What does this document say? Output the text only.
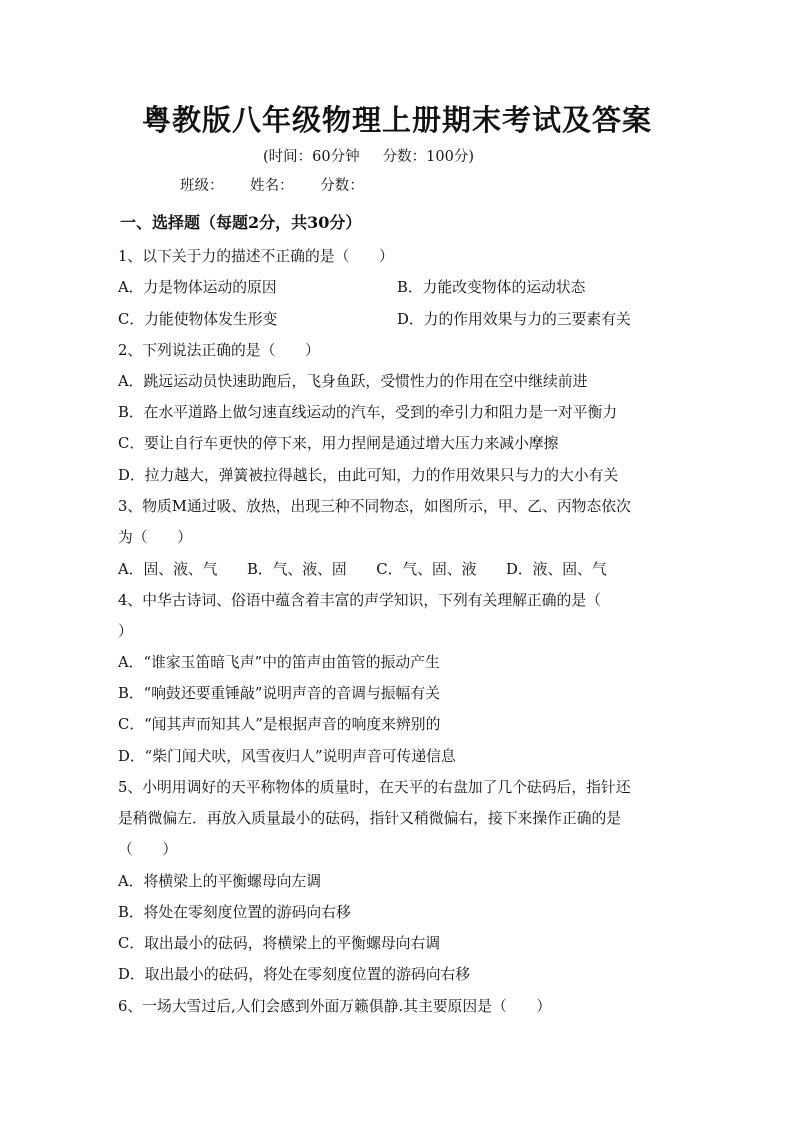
粤教版八年级物理上册期末考试及答案
(时间：60分钟 分数：100分)
班级： 姓名： 分数：
一、选择题（每题2分，共30分）
1、以下关于力的描述不正确的是（　　）
A．力是物体运动的原因	B．力能改变物体的运动状态
C．力能使物体发生形变	D．力的作用效果与力的三要素有关
2、下列说法正确的是（　　）
A．跳远运动员快速助跑后，飞身鱼跃，受惯性力的作用在空中继续前进
B．在水平道路上做匀速直线运动的汽车，受到的牵引力和阻力是一对平衡力
C．要让自行车更快的停下来，用力捏闸是通过增大压力来减小摩擦
D．拉力越大，弹簧被拉得越长，由此可知，力的作用效果只与力的大小有关
3、物质M通过吸、放热，出现三种不同物态，如图所示，甲、乙、丙物态依次
为（　　）
A．固、液、气　　B．气、液、固　　C．气、固、液　　D．液、固、气
4、中华古诗词、俗语中蕴含着丰富的声学知识，下列有关理解正确的是（
）
A．“谁家玉笛暗飞声”中的笛声由笛管的振动产生
B．“响鼓还要重锤敲”说明声音的音调与振幅有关
C．“闻其声而知其人”是根据声音的响度来辨别的
D．“柴门闻犬吠，风雪夜归人”说明声音可传递信息
5、小明用调好的天平称物体的质量时，在天平的右盘加了几个砝码后，指针还
是稍微偏左．再放入质量最小的砝码，指针又稍微偏右，接下来操作正确的是
（　　）
A．将横梁上的平衡螺母向左调
B．将处在零刻度位置的游码向右移
C．取出最小的砝码，将横梁上的平衡螺母向右调
D．取出最小的砝码，将处在零刻度位置的游码向右移
6、一场大雪过后,人们会感到外面万籁俱静.其主要原因是（　　）
